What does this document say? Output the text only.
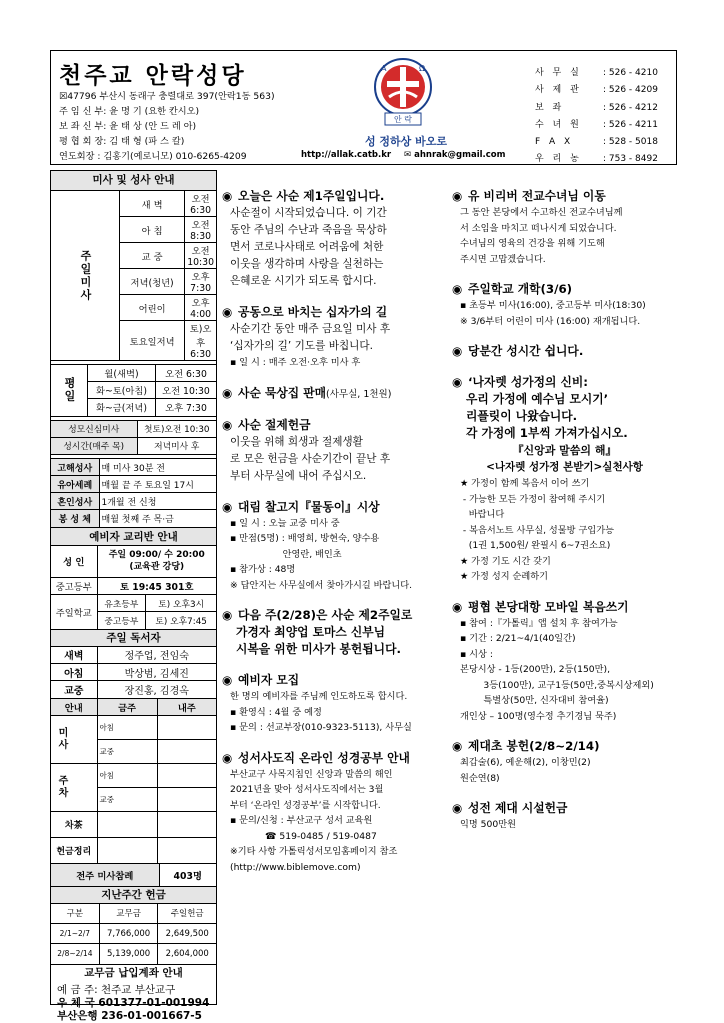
천주교 안락성당
☒47796 부산시 동래구 충렬대로 397(안락1동 563)
주 임 신 부: 윤 명 기 (요한 칸시오)
보 좌 신 부: 윤 태 상 (안 드 레 아)
평 협 회 장: 김 태 형 (파 스 칼)
연도회장 : 김홍기(예로니모) 010-6265-4209
A	Ω
안 락
성 정하상 바오로
http://allak.catb.kr ✉ ahnrak@gmail.com
사 무 실	: 526 - 4210
사 제 관	: 526 - 4209
보 좌	: 526 - 4212
수 녀 원	: 526 - 4211
F A X	: 528 - 5018
우 리 농	: 753 - 8492
미사 및 성사 안내
주일미사	새 벽	오전 6:30
	아 침	오전 8:30
	교 중	오전 10:30
	저녁(청년)	오후 7:30
	어린이	오후 4:00
	토요일저녁	토)오후 6:30
평일	월(새벽)	오전 6:30
	화~토(아침)	오전 10:30
	화~금(저녁)	오후 7:30
성모신심미사	첫토)오전 10:30
성시간(매주 목)	저녁미사 후
고해성사	매 미사 30분 전
유아세례	매월 끝 주 토요일 17시
혼인성사	1개월 전 신청
봉 성 체	매월 첫째 주 목·금
예비자 교리반 안내
성 인	주일 09:00/ 수 20:00
(교육관 강당)	

중고등부	토 19:45 301호	
주일학교	유초등부	토) 오후3시
	중고등부	토) 오후7:45
주일 독서자
새벽	정주업, 전임숙
아침	박상범, 김세진
교중	장진홍, 김경옥
안내	금주	내주

미사	아침	
	교중	

주차	아침	
	교중	
차茶		
헌금정리		
전주 미사참례	403명
지난주간 헌금
구분	교무금	주일헌금
2/1~2/7	7,766,000	2,649,500
2/8~2/14	5,139,000	2,604,000
교무금 납입계좌 안내
예 금 주: 천주교 부산교구
우 체 국 601377-01-001994
부산은행 236-01-001667-5
◉ 오늘은 사순 제1주일입니다.
사순절이 시작되었습니다. 이 기간
동안 주님의 수난과 죽음을 묵상하
면서 코로나사태로 어려움에 처한
이웃을 생각하며 사랑을 실천하는
은혜로운 시기가 되도록 합시다.
◉ 공동으로 바치는 십자가의 길
사순기간 동안 매주 금요일 미사 후
‘십자가의 길’ 기도를 바칩니다.
▪ 일 시 : 매주 오전·오후 미사 후
◉ 사순 묵상집 판매(사무실, 1천원)
◉ 사순 절제헌금
이웃을 위해 희생과 절제생활
로 모은 헌금을 사순기간이 끝난 후
부터 사무실에 내어 주십시오.
◉ 대림 찰고지『물동이』시상
▪ 일 시 : 오늘 교중 미사 중
▪ 만점(5명) : 배영희, 방현숙, 양수용
안영란, 배인초
▪ 참가상 : 48명
※ 답안지는 사무실에서 찾아가시길 바랍니다.
◉ 다음 주(2/28)은 사순 제2주일로
가경자 최양업 토마스 신부님
시복을 위한 미사가 봉헌됩니다.
◉ 예비자 모집
한 명의 예비자를 주님께 인도하도록 합시다.
▪ 환영식 : 4월 중 예정
▪ 문의 : 선교부장(010-9323-5113), 사무실
◉ 성서사도직 온라인 성경공부 안내
부산교구 사목지침인 신앙과 말씀의 해인
2021년을 맞아 성서사도직에서는 3월
부터 ‘온라인 성경공부’를 시작합니다.
▪ 문의/신청 : 부산교구 성서 교육원
☎ 519-0485 / 519-0487
※기타 사항 가톨릭성서모임홈페이지 참조
(http://www.biblemove.com)
◉ 유 비리버 전교수녀님 이동
그 동안 본당에서 수고하신 전교수녀님께
서 소임을 마치고 떠나시게 되었습니다.
수녀님의 영육의 건강을 위해 기도해
주시면 고맙겠습니다.
◉ 주일학교 개학(3/6)
▪ 초등부 미사(16:00), 중고등부 미사(18:30)
※ 3/6부터 어린이 미사 (16:00) 재개됩니다.
◉ 당분간 성시간 쉽니다.
◉ ‘나자렛 성가정의 신비:
우리 가정에 예수님 모시기’
리플릿이 나왔습니다.
각 가정에 1부씩 가져가십시오.
『신앙과 말씀의 해』
<나자렛 성가정 본받기>실천사항
★ 가정이 함께 복음서 이어 쓰기
- 가능한 모든 가정이 참여해 주시기
바랍니다
- 복음서노트 사무실, 성물방 구입가능
(1권 1,500원/ 완필시 6~7권소요)
★ 가정 기도 시간 갖기
★ 가정 성지 순례하기
◉ 평협 본당대항 모바일 복음쓰기
▪ 참여 :『가톨릭』앱 설치 후 참여가능
▪ 기간 : 2/21~4/1(40일간)
▪ 시상 :
본당시상 - 1등(200만), 2등(150만),
3등(100만), 교구1등(50만,중복시상제외)
특별상(50만, 신자대비 참여율)
개인상 – 100명(영수정 추기경님 묵주)
◉ 제대초 봉헌(2/8~2/14)
최갑술(6), 예운해(2), 이창민(2)
원순연(8)
◉ 성전 제대 시설헌금
익명 500만원
